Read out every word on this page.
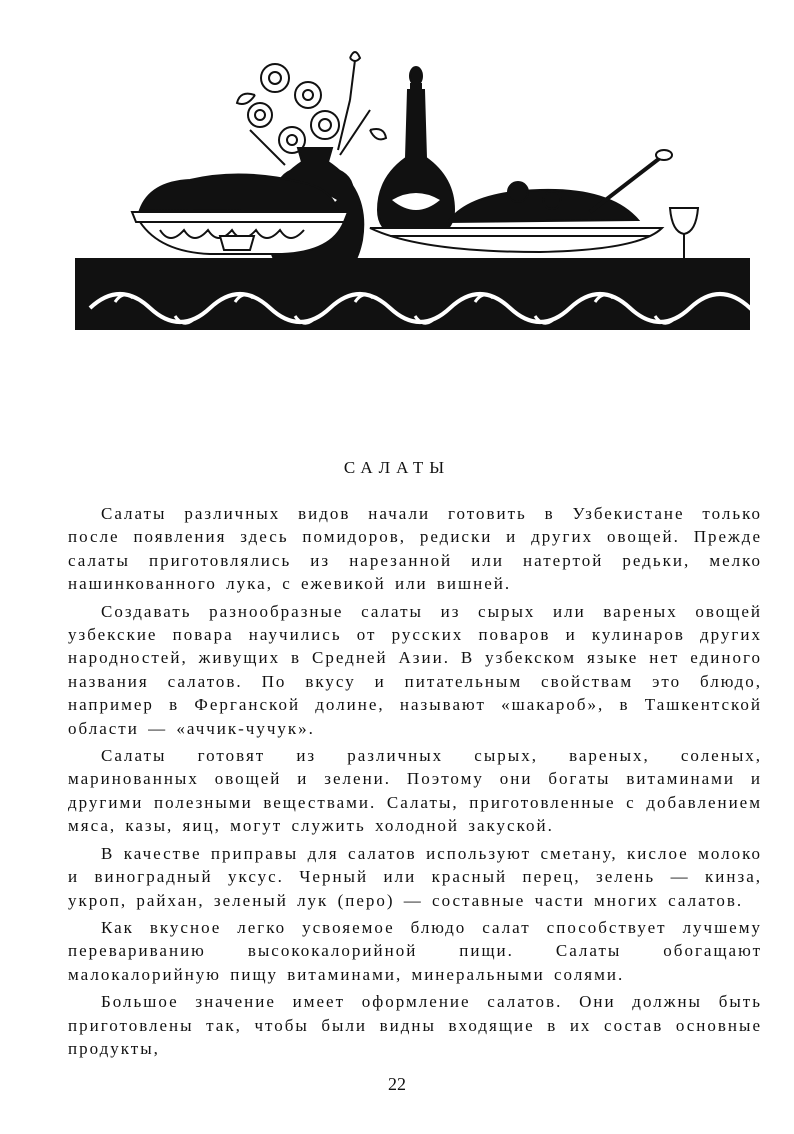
САЛАТЫ

Салаты различных видов начали готовить в Узбекистане только после появления здесь помидоров, редиски и других овощей. Прежде салаты приготовлялись из нарезанной или натертой редьки, мелко нашинкованного лука, с ежевикой или вишней.

Создавать разнообразные салаты из сырых или вареных овощей узбекские повара научились от русских поваров и кулинаров других народностей, живущих в Средней Азии. В узбекском языке нет единого названия салатов. По вкусу и питательным свойствам это блюдо, например в Ферганской долине, называют «шакароб», в Ташкентской области — «аччик-чучук».

Салаты готовят из различных сырых, вареных, соленых, маринованных овощей и зелени. Поэтому они богаты витаминами и другими полезными веществами. Салаты, приготовленные с добавлением мяса, казы, яиц, могут служить холодной закуской.

В качестве приправы для салатов используют сметану, кислое молоко и виноградный уксус. Черный или красный перец, зелень — кинза, укроп, райхан, зеленый лук (перо) — составные части многих салатов.

Как вкусное легко усвояемое блюдо салат способствует лучшему перевариванию высококалорийной пищи. Салаты обогащают малокалорийную пищу витаминами, минеральными солями.

Большое значение имеет оформление салатов. Они должны быть приготовлены так, чтобы были видны входящие в их состав основные продукты,

22
